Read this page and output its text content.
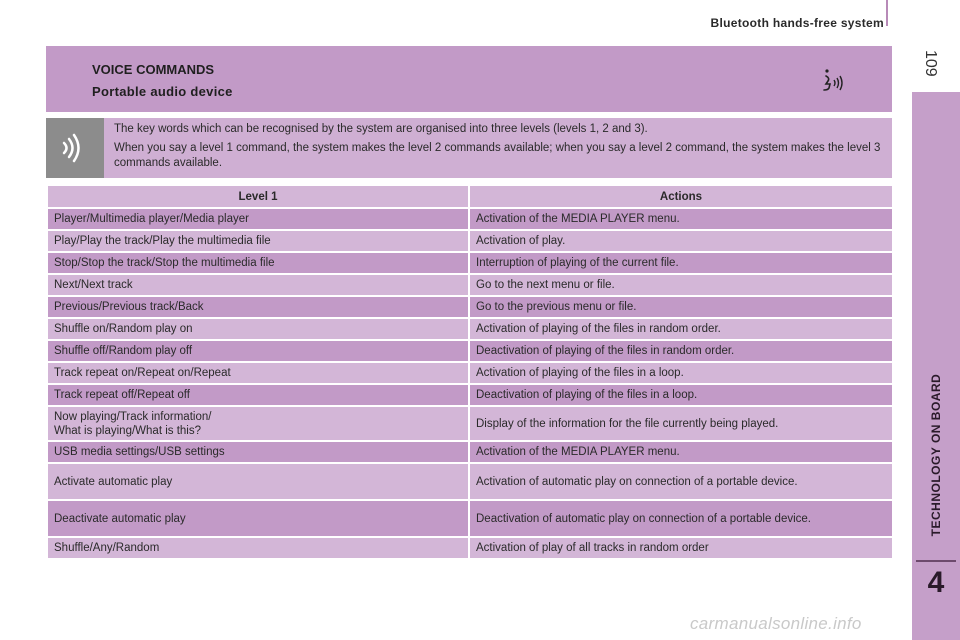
Bluetooth hands-free system
109
TECHNOLOGY ON BOARD
4
VOICE COMMANDS
Portable audio device

The key words which can be recognised by the system are organised into three levels (levels 1, 2 and 3).

When you say a level 1 command, the system makes the level 2 commands available; when you say a level 2 command, the system makes the level 3 commands available.

Level 1	Actions
Player/Multimedia player/Media player	Activation of the MEDIA PLAYER menu.
Play/Play the track/Play the multimedia file	Activation of play.
Stop/Stop the track/Stop the multimedia file	Interruption of playing of the current file.
Next/Next track	Go to the next menu or file.
Previous/Previous track/Back	Go to the previous menu or file.
Shuffle on/Random play on	Activation of playing of the files in random order.
Shuffle off/Random play off	Deactivation of playing of the files in random order.
Track repeat on/Repeat on/Repeat	Activation of playing of the files in a loop.
Track repeat off/Repeat off	Deactivation of playing of the files in a loop.
Now playing/Track information/
What is playing/What is this?	Display of the information for the file currently being played.
USB media settings/USB settings	Activation of the MEDIA PLAYER menu.
Activate automatic play	Activation of automatic play on connection of a portable device.
Deactivate automatic play	Deactivation of automatic play on connection of a portable device.
Shuffle/Any/Random	Activation of play of all tracks in random order
carmanualsonline.info
